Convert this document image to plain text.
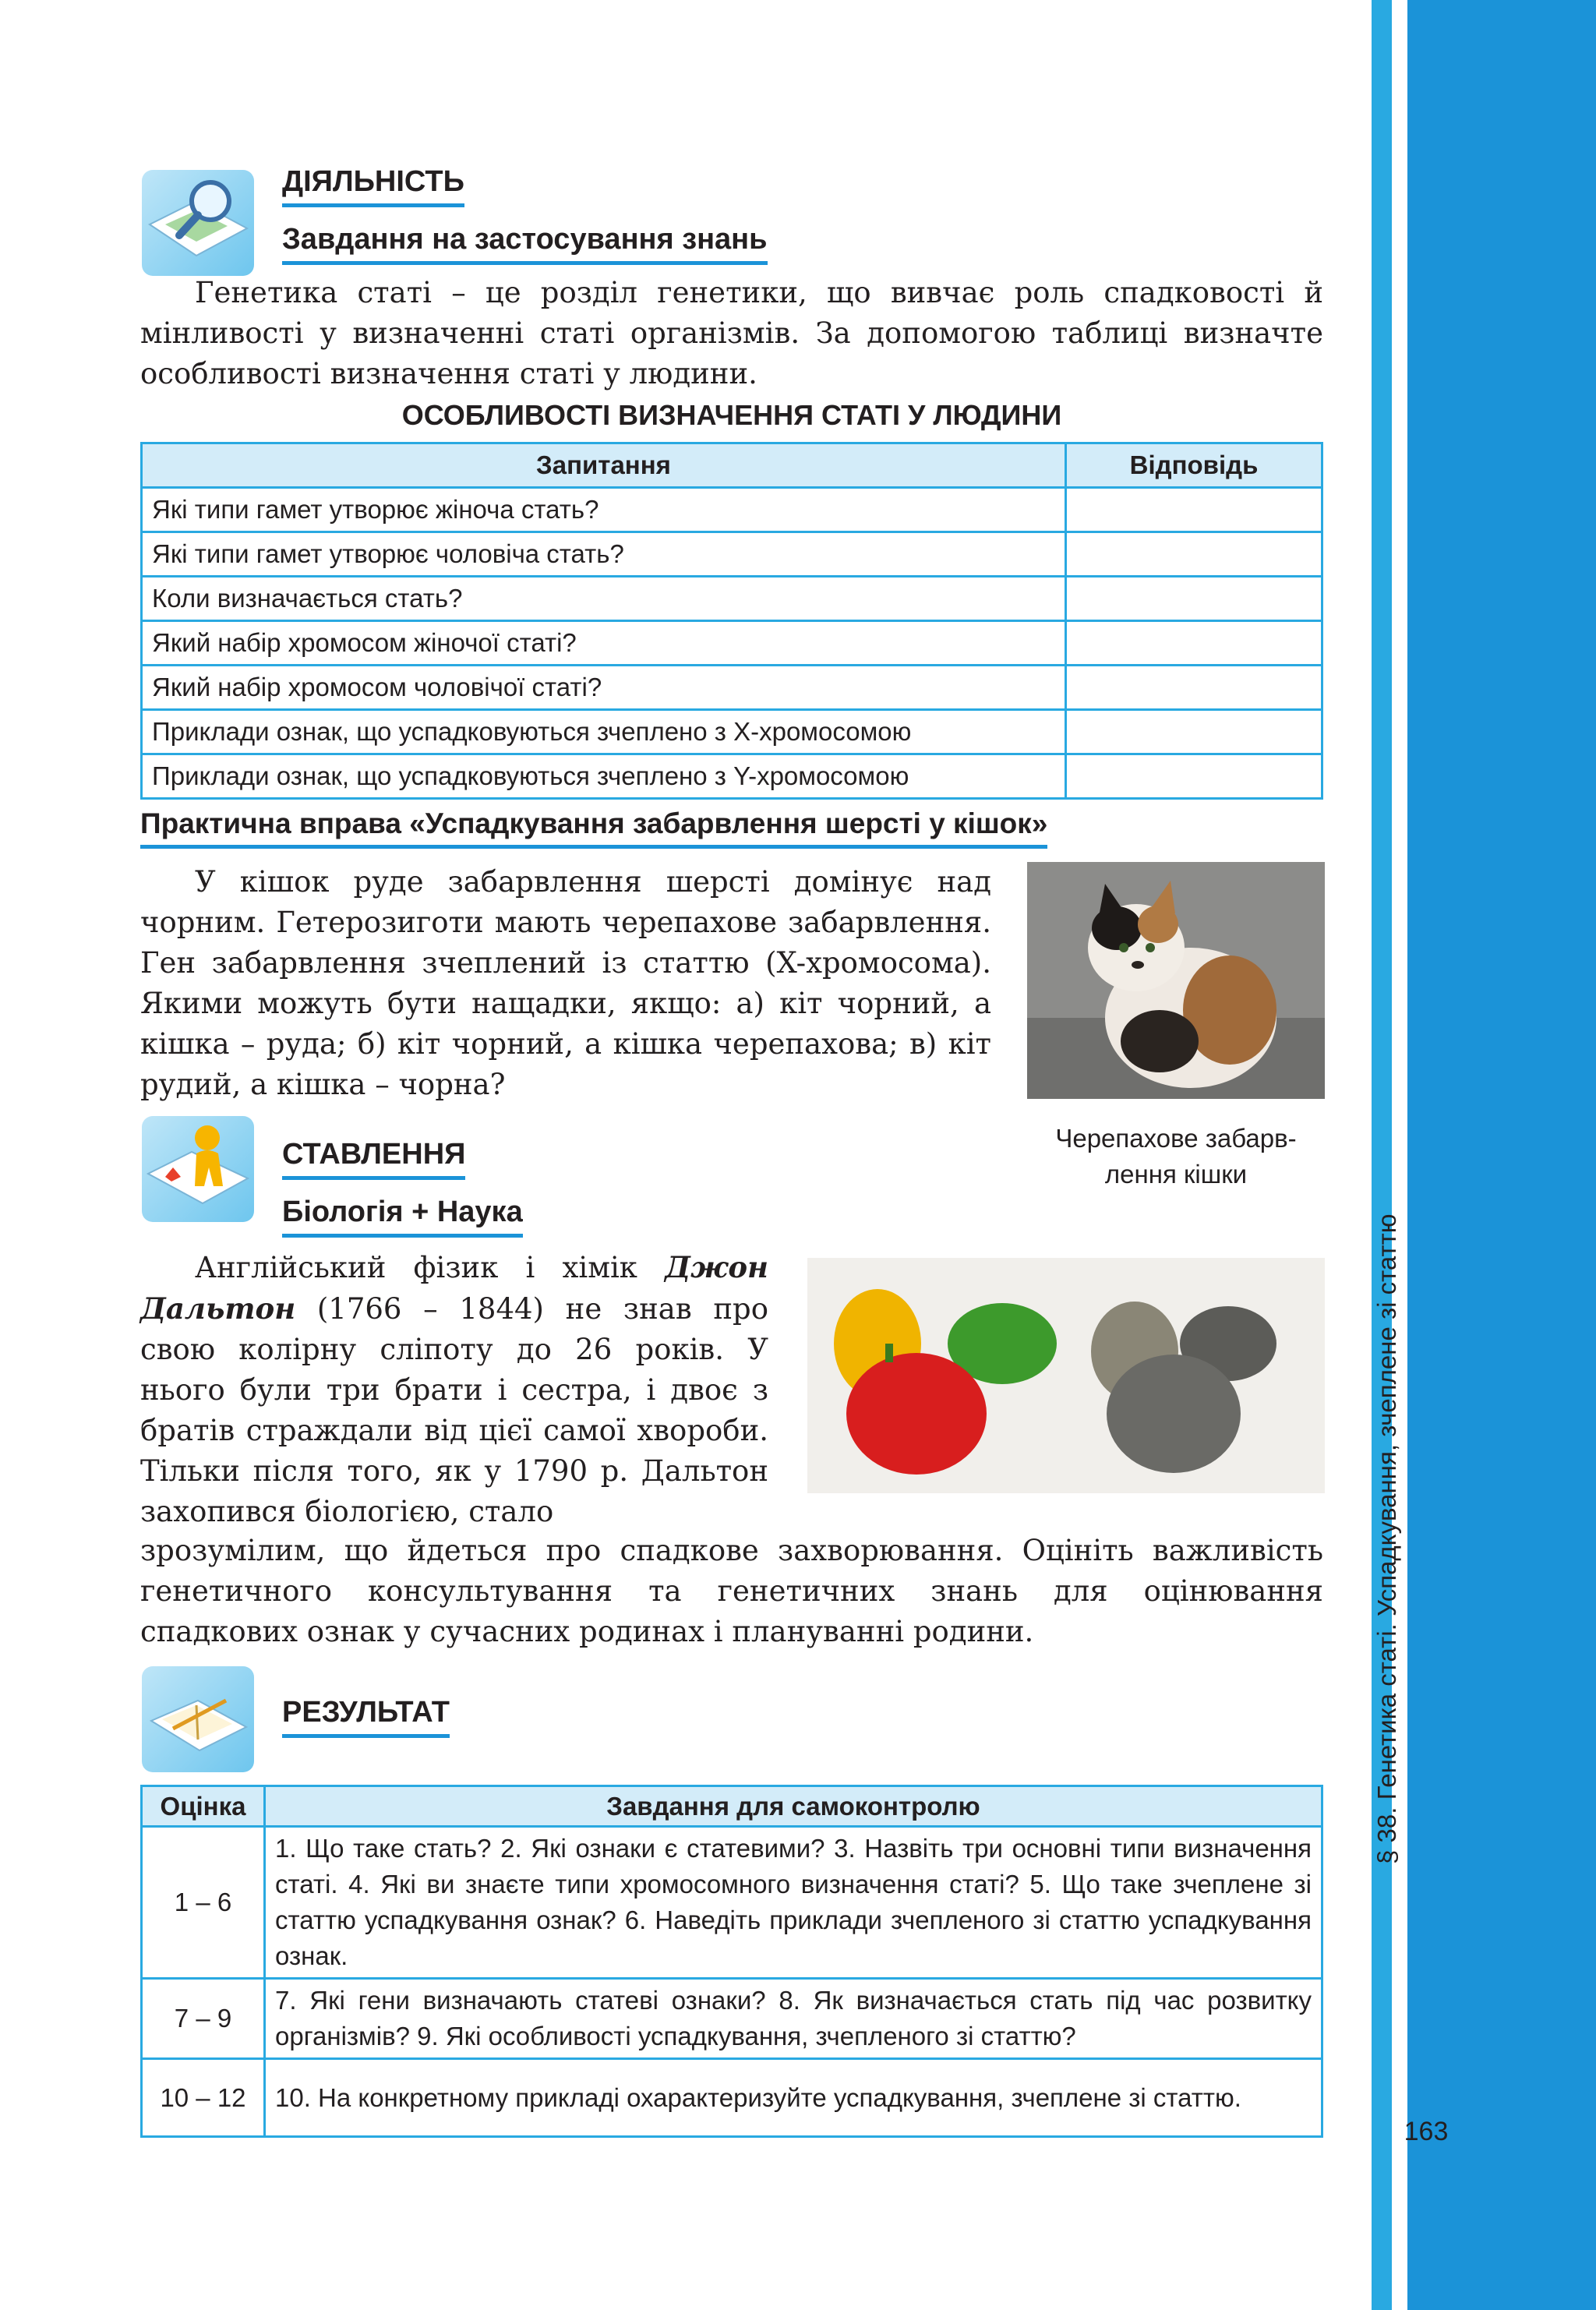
§ 38. Генетика статі. Успадкування, зчеплене зі статтю
163
ДІЯЛЬНІСТЬ
Завдання на застосування знань
Генетика статі – це розділ генетики, що вивчає роль спадковості й мінливості у визначенні статі організмів. За допомогою таблиці визначте особливості визначення статі у людини.
ОСОБЛИВОСТІ ВИЗНАЧЕННЯ СТАТІ У ЛЮДИНИ
Запитання	Відповідь
Які типи гамет утворює жіноча стать?	
Які типи гамет утворює чоловіча стать?	
Коли визначається стать?	
Який набір хромосом жіночої статі?	
Який набір хромосом чоловічої статі?	
Приклади ознак, що успадковуються зчеплено з X-хромосомою	
Приклади ознак, що успадковуються зчеплено з Y-хромосомою	
Практична вправа «Успадкування забарвлення шерсті у кішок»
У кішок руде забарвлення шерсті домінує над чорним. Гетерозиготи мають черепахове забарвлення. Ген забарвлення зчеплений із статтю (X-хромосома). Якими можуть бути нащадки, якщо: а) кіт чорний, а кішка – руда; б) кіт чорний, а кішка черепахова; в) кіт рудий, а кішка – чорна?
Черепахове забарв-
лення кішки
СТАВЛЕННЯ
Біологія + Наука
Англійський фізик і хімік Джон Дальтон (1766 – 1844) не знав про свою колірну сліпоту до 26 років. У нього були три брати і сестра, і двоє з братів страждали від цієї самої хвороби. Тільки після того, як у 1790 р. Дальтон захопився біологією, стало
зрозумілим, що йдеться про спадкове захворювання. Оцініть важливість генетичного консультування та генетичних знань для оцінювання спадкових ознак у сучасних родинах і плануванні родини.
РЕЗУЛЬТАТ
Оцінка	Завдання для самоконтролю
1 – 6	1. Що таке стать? 2. Які ознаки є статевими? 3. Назвіть три основні типи визначення статі. 4. Які ви знаєте типи хромосомного визначення статі? 5. Що таке зчеплене зі статтю успадкування ознак? 6. Наведіть приклади зчепленого зі статтю успадкування ознак.
7 – 9	7. Які гени визначають статеві ознаки? 8. Як визначається стать під час розвитку організмів? 9. Які особливості успадкування, зчепленого зі статтю?
10 – 12	10. На конкретному прикладі охарактеризуйте успадкування, зчеплене зі статтю.
